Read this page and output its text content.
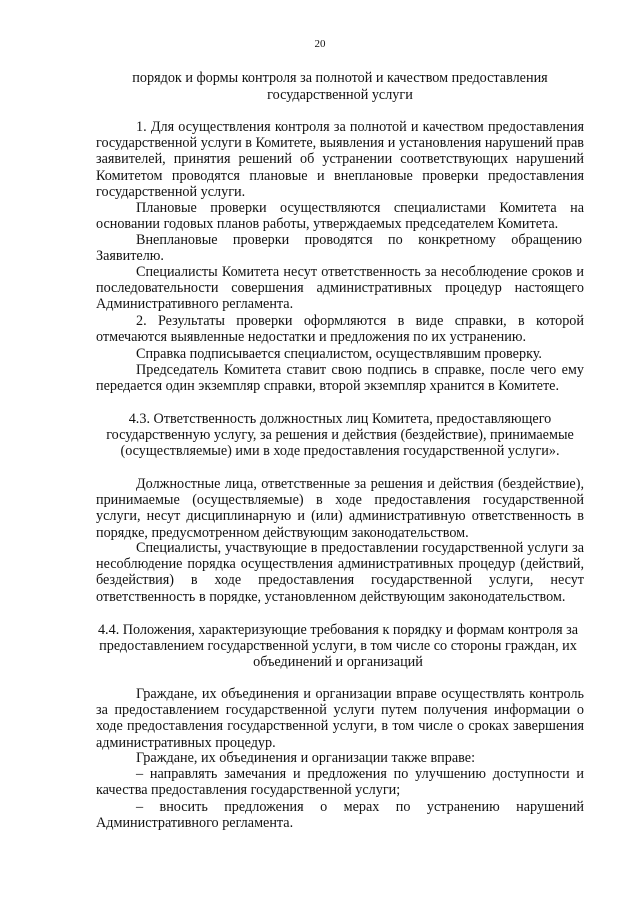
20

порядок и формы контроля за полнотой и качеством предоставления

государственной услуги

1. Для осуществления контроля за полнотой и качеством предоставления государственной услуги в Комитете, выявления и установления нарушений прав заявителей, принятия решений об устранении соответствующих нарушений Комитетом проводятся плановые и внеплановые проверки предоставления государственной услуги.

Плановые проверки осуществляются специалистами Комитета на основании годовых планов работы, утверждаемых председателем Комитета.

Внеплановые проверки проводятся по конкретному обращению Заявителю.

Специалисты Комитета несут ответственность за несоблюдение сроков и последовательности совершения административных процедур настоящего Административного регламента.

2. Результаты проверки оформляются в виде справки, в которой отмечаются выявленные недостатки и предложения по их устранению.

Справка подписывается специалистом, осуществлявшим проверку.

Председатель Комитета ставит свою подпись в справке, после чего ему передается один экземпляр справки, второй экземпляр хранится в Комитете.

4.3. Ответственность должностных лиц Комитета, предоставляющего государственную услугу, за решения и действия (бездействие), принимаемые (осуществляемые) ими в ходе предоставления государственной услуги».

Должностные лица, ответственные за решения и действия (бездействие), принимаемые (осуществляемые) в ходе предоставления государственной услуги, несут дисциплинарную и (или) административную ответственность в порядке, предусмотренном действующим законодательством.

Специалисты, участвующие в предоставлении государственной услуги за несоблюдение порядка осуществления административных процедур (действий, бездействия) в ходе предоставления государственной услуги, несут ответственность в порядке, установленном действующим законодательством.

4.4. Положения, характеризующие требования к порядку и формам контроля за предоставлением государственной услуги, в том числе со стороны граждан, их объединений и организаций

Граждане, их объединения и организации вправе осуществлять контроль за предоставлением государственной услуги путем получения информации о ходе предоставления государственной услуги, в том числе о сроках завершения административных процедур.

Граждане, их объединения и организации также вправе:

– направлять замечания и предложения по улучшению доступности и качества предоставления государственной услуги;

– вносить предложения о мерах по устранению нарушений Административного регламента.
